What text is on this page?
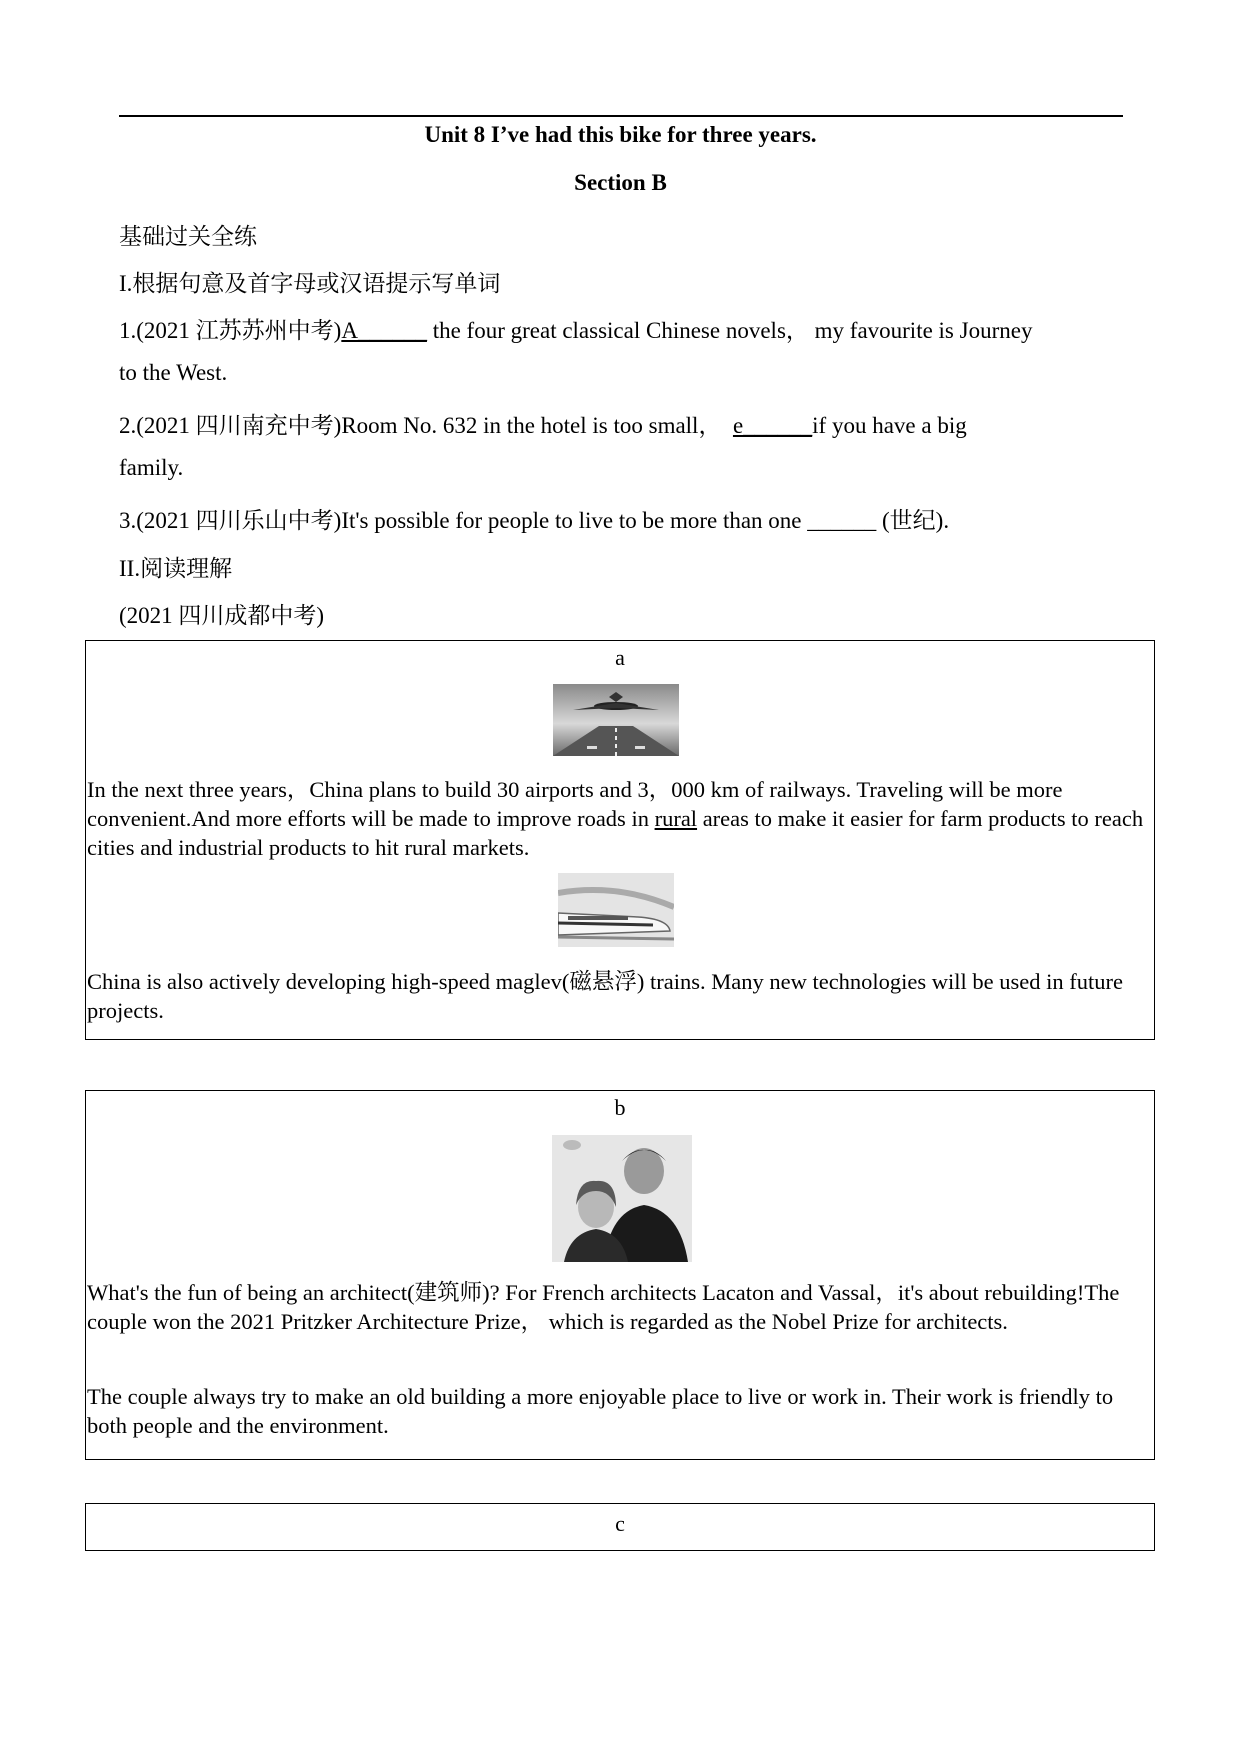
Unit 8 I’ve had this bike for three years.
Section B
基础过关全练
I.根据句意及首字母或汉语提示写单词
1.(2021 江苏苏州中考)A______ the four great classical Chinese novels， my favourite is Journey
to the West.
2.(2021 四川南充中考)Room No. 632 in the hotel is too small，  e______if you have a big
family.
3.(2021 四川乐山中考)It's possible for people to live to be more than one ______ (世纪).
II.阅读理解
(2021 四川成都中考)
a
In the next three years，China plans to build 30 airports and 3，000 km of railways. Traveling will be more convenient.And more efforts will be made to improve roads in rural areas to make it easier for farm products to reach cities and industrial products to hit rural markets.
China is also actively developing high-speed maglev(磁悬浮) trains. Many new technologies will be used in future projects.
b
What's the fun of being an architect(建筑师)? For French architects Lacaton and Vassal，it's about rebuilding!The couple won the 2021 Pritzker Architecture Prize， which is regarded as the Nobel Prize for architects.
The couple always try to make an old building a more enjoyable place to live or work in. Their work is friendly to both people and the environment.
c
